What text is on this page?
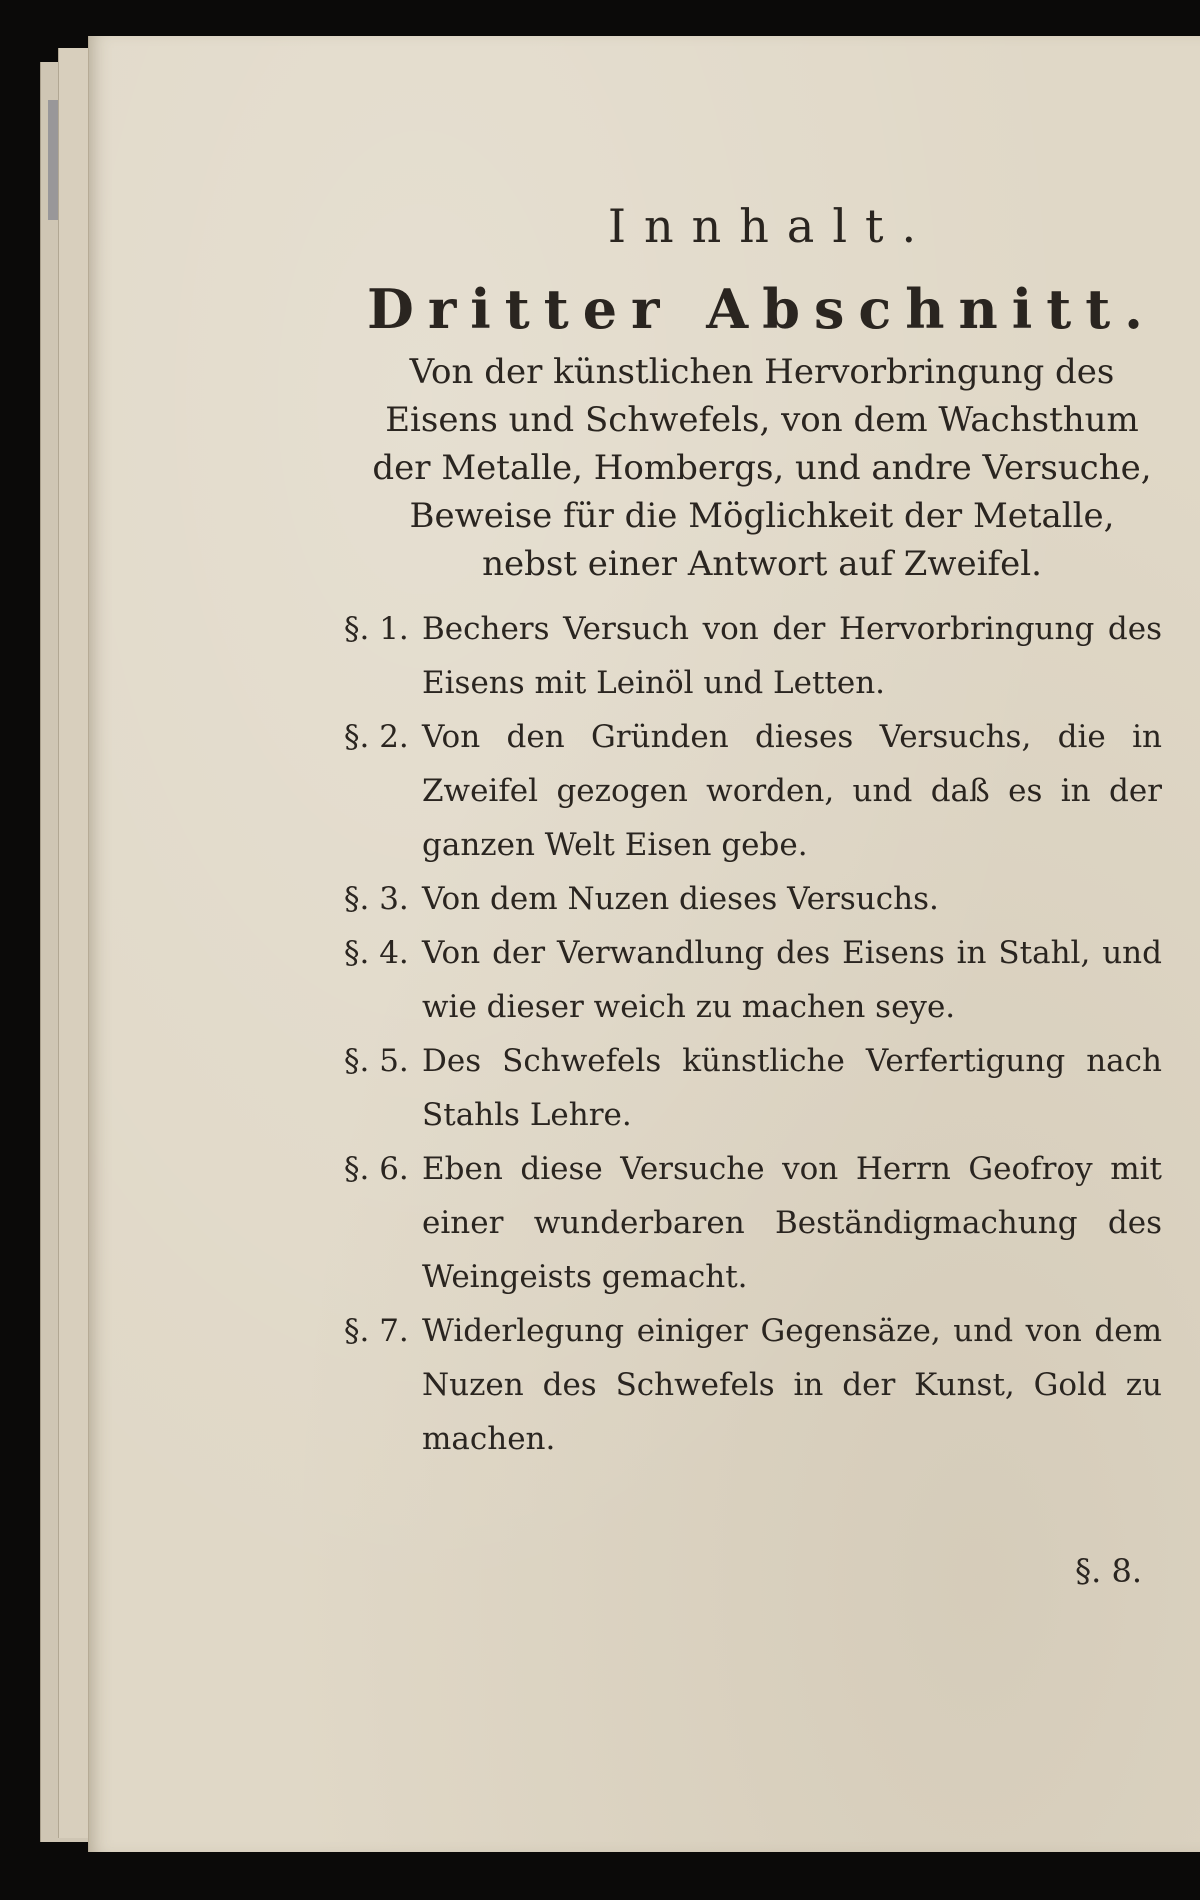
Innhalt.
Dritter Abschnitt.

Von der künstlichen Hervorbringung des Eisens und Schwefels, von dem Wachsthum der Metalle, Hombergs, und andre Versuche, Beweise für die Möglichkeit der Metalle, nebst einer Antwort auf Zweifel.

§. 1. Bechers Versuch von der Hervorbringung des Eisens mit Leinöl und Letten.
§. 2. Von den Gründen dieses Versuchs, die in Zweifel gezogen worden, und daß es in der ganzen Welt Eisen gebe.
§. 3. Von dem Nuzen dieses Versuchs.
§. 4. Von der Verwandlung des Eisens in Stahl, und wie dieser weich zu machen seye.
§. 5. Des Schwefels künstliche Verfertigung nach Stahls Lehre.
§. 6. Eben diese Versuche von Herrn Geofroy mit einer wunderbaren Beständigmachung des Weingeists gemacht.
§. 7. Widerlegung einiger Gegensäze, und von dem Nuzen des Schwefels in der Kunst, Gold zu machen.
§. 8.
